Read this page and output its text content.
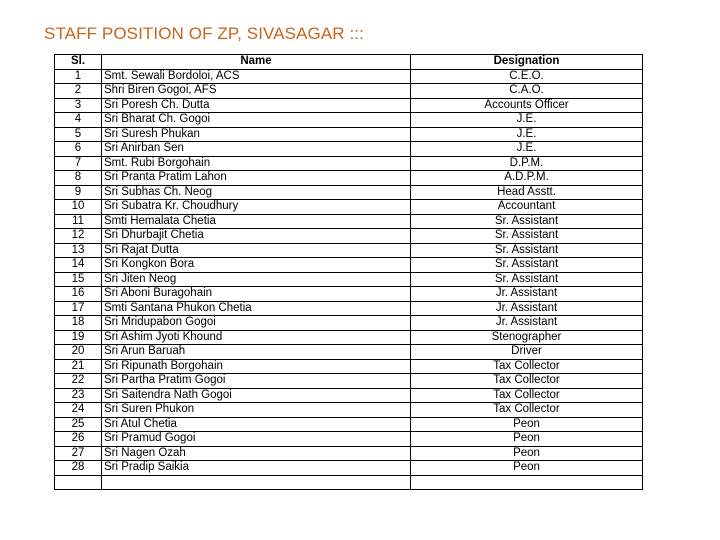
STAFF POSITION OF ZP, SIVASAGAR :::
Sl.	Name	Designation
1	Smt. Sewali Bordoloi, ACS	C.E.O.
2	Shri Biren Gogoi, AFS	C.A.O.
3	Sri Poresh Ch. Dutta	Accounts Officer
4	Sri Bharat Ch. Gogoi	J.E.
5	Sri Suresh Phukan	J.E.
6	Sri Anirban Sen	J.E.
7	Smt. Rubi Borgohain	D.P.M.
8	Sri Pranta Pratim Lahon	A.D.P.M.
9	Sri Subhas Ch. Neog	Head Asstt.
10	Sri Subatra Kr. Choudhury	Accountant
11	Smti Hemalata Chetia	Sr. Assistant
12	Sri Dhurbajit Chetia	Sr. Assistant
13	Sri Rajat Dutta	Sr. Assistant
14	Sri Kongkon Bora	Sr. Assistant
15	Sri Jiten Neog	Sr. Assistant
16	Sri Aboni Buragohain	Jr. Assistant
17	Smti Santana Phukon Chetia	Jr. Assistant
18	Sri Mridupabon Gogoi	Jr. Assistant
19	Sri Ashim Jyoti Khound	Stenographer
20	Sri Arun Baruah	Driver
21	Sri Ripunath Borgohain	Tax Collector
22	Sri Partha Pratim Gogoi	Tax Collector
23	Sri Saitendra Nath Gogoi	Tax Collector
24	Sri Suren Phukon	Tax Collector
25	Sri Atul Chetia	Peon
26	Sri Pramud Gogoi	Peon
27	Sri Nagen Ozah	Peon
28	Sri Pradip Saikia	Peon
